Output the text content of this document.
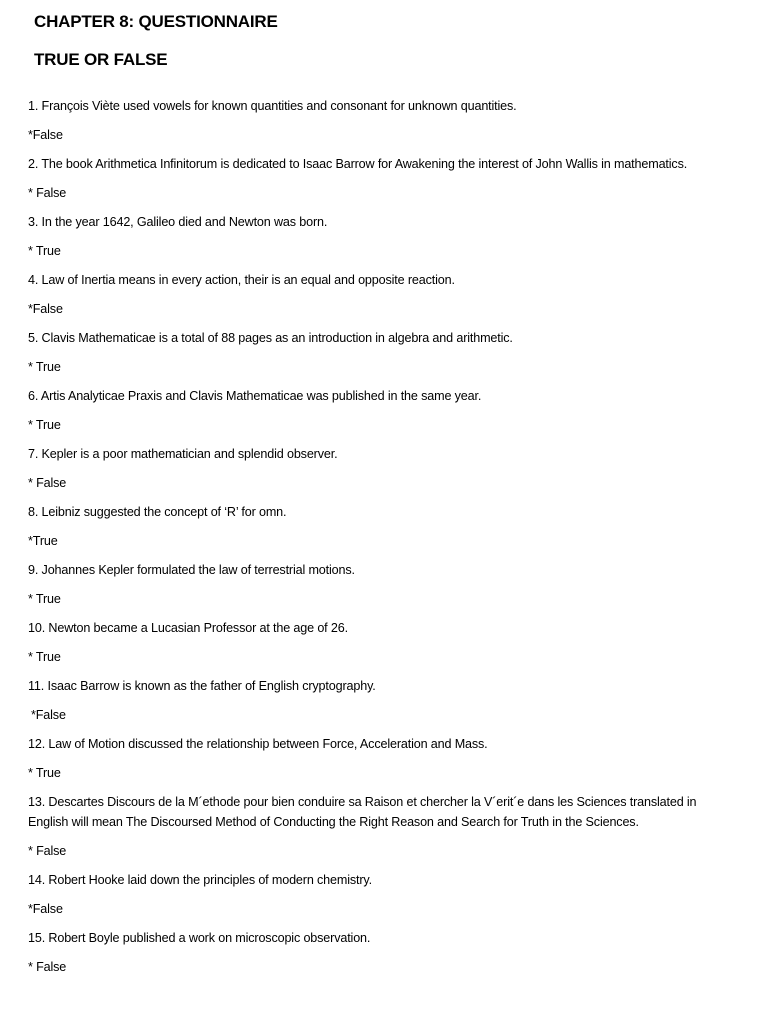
CHAPTER 8: QUESTIONNAIRE
TRUE OR FALSE

1. François Viète used vowels for known quantities and consonant for unknown quantities.

*False

2. The book Arithmetica Infinitorum is dedicated to Isaac Barrow for Awakening the interest of John Wallis in mathematics.

* False

3. In the year 1642, Galileo died and Newton was born.

* True

4. Law of Inertia means in every action, their is an equal and opposite reaction.

*False

5. Clavis Mathematicae is a total of 88 pages as an introduction in algebra and arithmetic.

* True

6. Artis Analyticae Praxis and Clavis Mathematicae was published in the same year.

* True

7. Kepler is a poor mathematician and splendid observer.

* False

8. Leibniz suggested the concept of ‘R’ for omn.

*True

9. Johannes Kepler formulated the law of terrestrial motions.

* True

10. Newton became a Lucasian Professor at the age of 26.

* True

11. Isaac Barrow is known as the father of English cryptography.

*False

12. Law of Motion discussed the relationship between Force, Acceleration and Mass.

* True

13. Descartes Discours de la M´ethode pour bien conduire sa Raison et chercher la V´erit´e dans les Sciences translated in English will mean The Discoursed Method of Conducting the Right Reason and Search for Truth in the Sciences.

* False

14. Robert Hooke laid down the principles of modern chemistry.

*False

15. Robert Boyle published a work on microscopic observation.

* False
